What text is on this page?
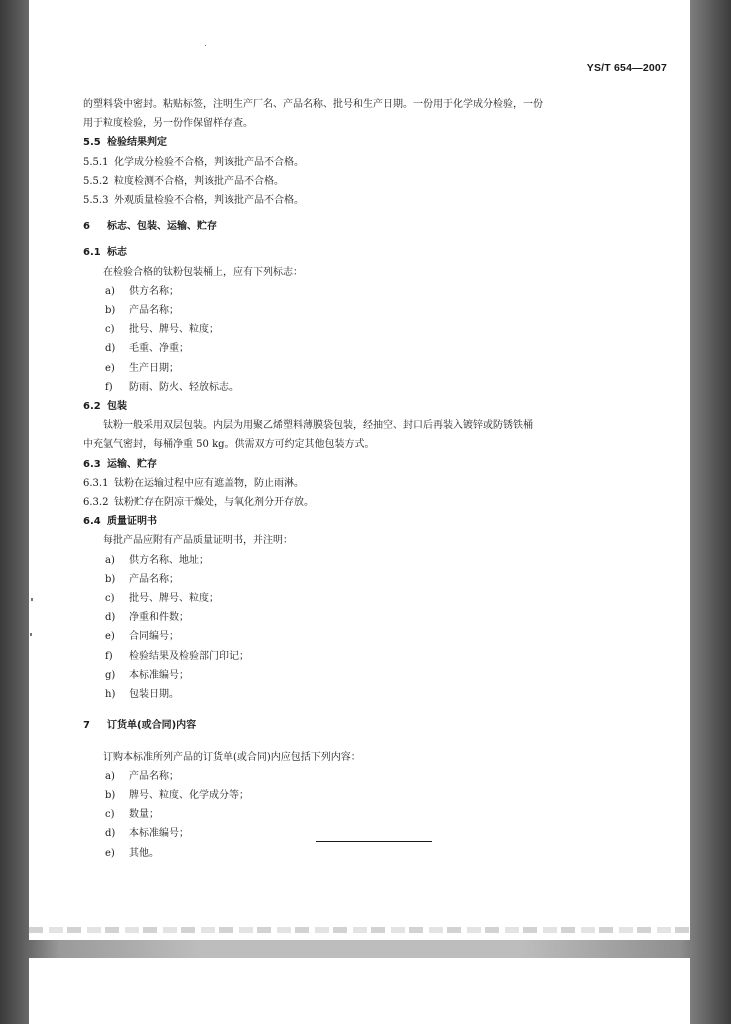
YS/T 654—2007

的塑料袋中密封。粘贴标签，注明生产厂名、产品名称、批号和生产日期。一份用于化学成分检验，一份

用于粒度检验，另一份作保留样存查。

5.5 检验结果判定

5.5.1 化学成分检验不合格，判该批产品不合格。

5.5.2 粒度检测不合格，判该批产品不合格。

5.5.3 外观质量检验不合格，判该批产品不合格。

6 标志、包装、运输、贮存

6.1 标志

在检验合格的钛粉包装桶上，应有下列标志：

a) 供方名称；

b) 产品名称；

c) 批号、牌号、粒度；

d) 毛重、净重；

e) 生产日期；

f) 防雨、防火、轻放标志。

6.2 包装

钛粉一般采用双层包装。内层为用聚乙烯塑料薄膜袋包装，经抽空、封口后再装入镀锌或防锈铁桶

中充氩气密封，每桶净重 50 kg。供需双方可约定其他包装方式。

6.3 运输、贮存

6.3.1 钛粉在运输过程中应有遮盖物，防止雨淋。

6.3.2 钛粉贮存在阴凉干燥处，与氧化剂分开存放。

6.4 质量证明书

每批产品应附有产品质量证明书，并注明：

a) 供方名称、地址；

b) 产品名称；

c) 批号、牌号、粒度；

d) 净重和件数；

e) 合同编号；

f) 检验结果及检验部门印记；

g) 本标准编号；

h) 包装日期。

7 订货单(或合同)内容

订购本标准所列产品的订货单(或合同)内应包括下列内容：

a) 产品名称；

b) 牌号、粒度、化学成分等；

c) 数量；

d) 本标准编号；

e) 其他。
